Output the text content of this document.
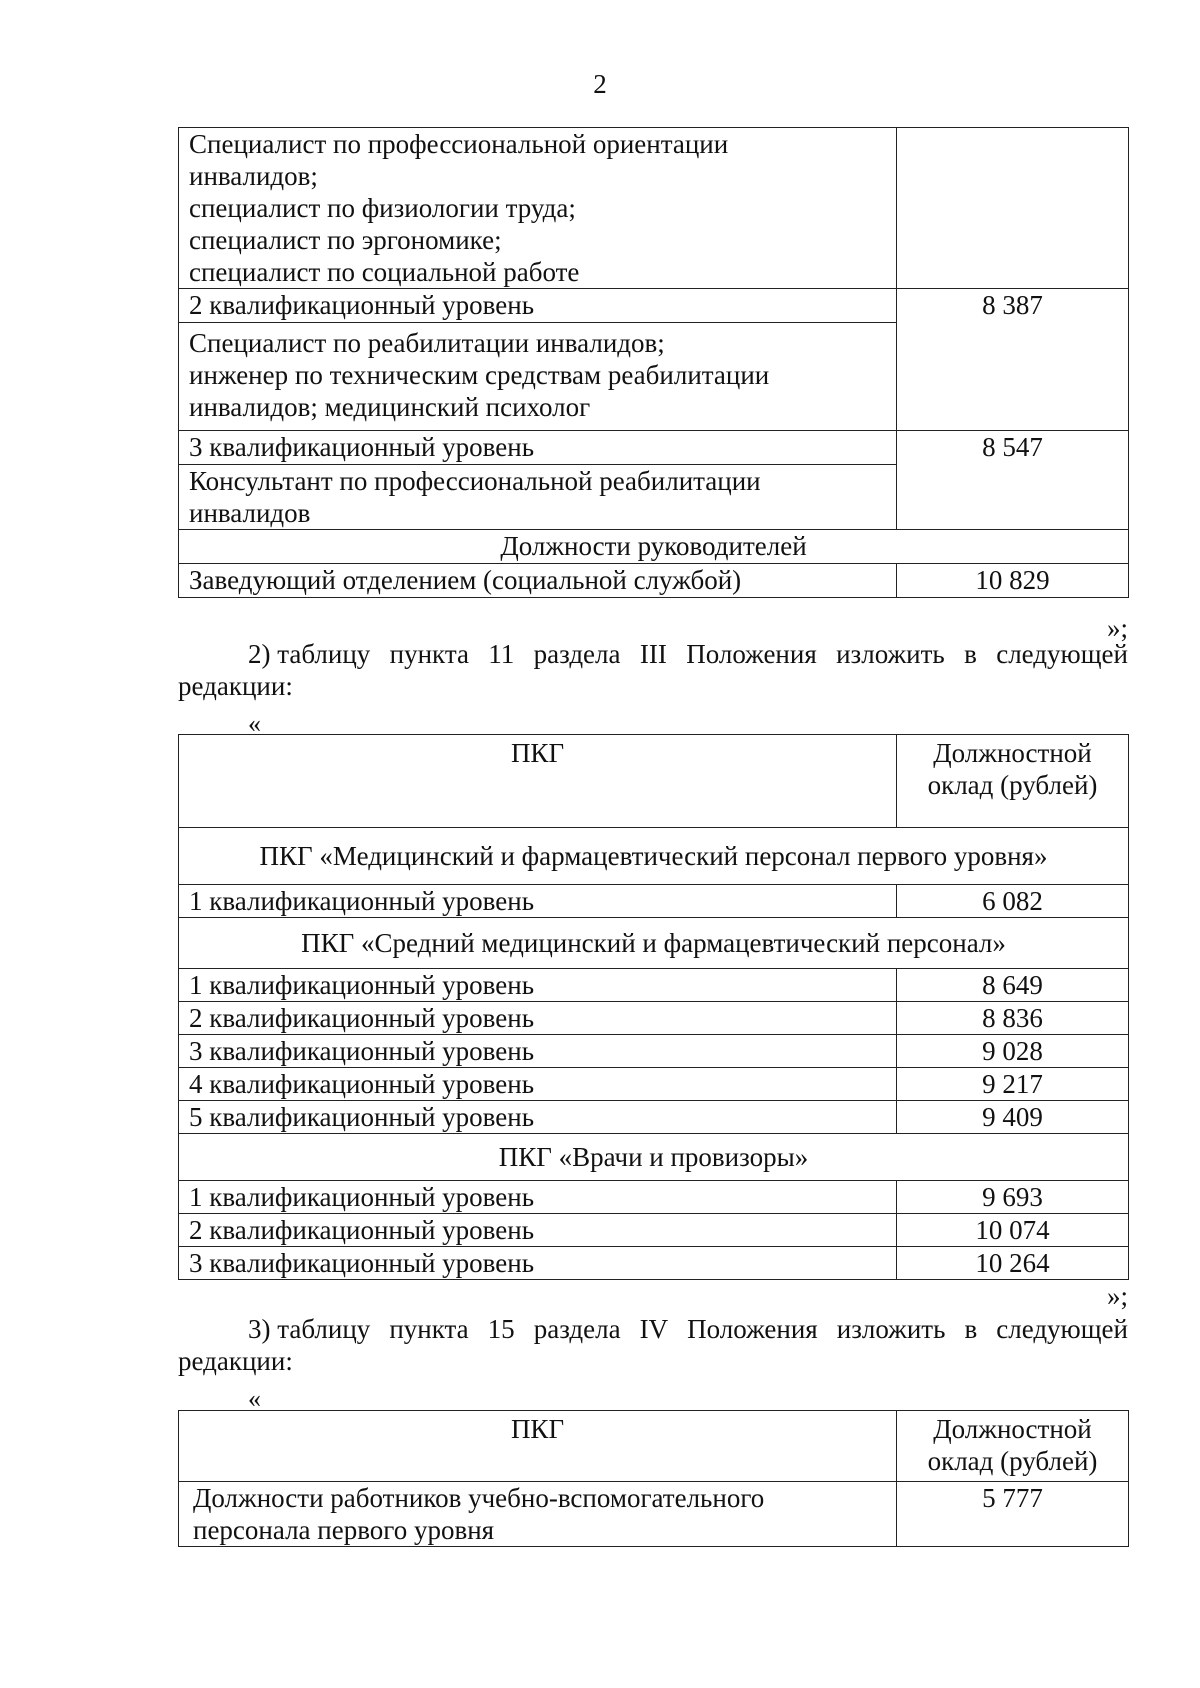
2
Специалист по профессиональной ориентации
инвалидов;
специалист по физиологии труда;
специалист по эргономике;
специалист по социальной работе	

2 квалификационный уровень	8 387

Специалист по реабилитации инвалидов;
инженер по техническим средствам реабилитации
инвалидов; медицинский психолог	

3 квалификационный уровень	8 547

Консультант по профессиональной реабилитации
инвалидов	

Должности руководителей	
Заведующий отделением (социальной службой)	10 829
»;
2) таблицу пункта 11 раздела III Положения изложить в следующей
редакции:
«
ПКГ	Должностной
оклад (рублей)

ПКГ «Медицинский и фармацевтический персонал первого уровня»	
1 квалификационный уровень	6 082
ПКГ «Средний медицинский и фармацевтический персонал»	
1 квалификационный уровень	8 649
2 квалификационный уровень	8 836
3 квалификационный уровень	9 028
4 квалификационный уровень	9 217
5 квалификационный уровень	9 409
ПКГ «Врачи и провизоры»	
1 квалификационный уровень	9 693
2 квалификационный уровень	10 074
3 квалификационный уровень	10 264
»;
3) таблицу пункта 15 раздела IV Положения изложить в следующей
редакции:
«
ПКГ	Должностной
оклад (рублей)

Должности работников учебно-вспомогательного
персонала первого уровня	5 777
